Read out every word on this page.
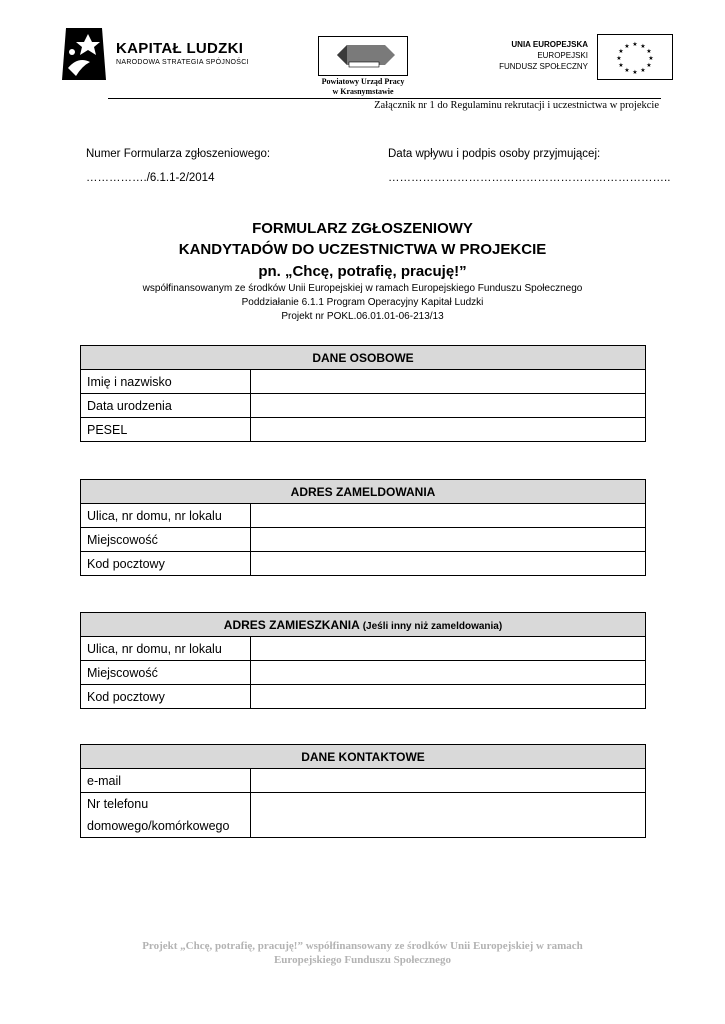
KAPITAŁ LUDZKI
NARODOWA STRATEGIA SPÓJNOŚCI
Powiatowy Urząd Pracy
w Krasnymstawie
UNIA EUROPEJSKA
EUROPEJSKI
FUNDUSZ SPOŁECZNY
★ ★
★
★
★
★
★
★
★
★
★
★
Załącznik nr 1 do Regulaminu rekrutacji i uczestnictwa w projekcie
Numer Formularza zgłoszeniowego:
……………./6.1.1-2/2014
Data wpływu i podpis osoby przyjmującej:
………………………………………………………………..
FORMULARZ ZGŁOSZENIOWY
KANDYTADÓW DO UCZESTNICTWA W PROJEKCIE
pn. „Chcę, potrafię, pracuję!”
współfinansowanym ze środków Unii Europejskiej w ramach Europejskiego Funduszu Społecznego
Poddziałanie 6.1.1 Program Operacyjny Kapitał Ludzki
Projekt nr POKL.06.01.01-06-213/13
DANE OSOBOWE	
Imię i nazwisko	
Data urodzenia	
PESEL	
ADRES ZAMELDOWANIA	
Ulica, nr domu, nr lokalu	
Miejscowość	
Kod pocztowy	
ADRES ZAMIESZKANIA (Jeśli inny niż zameldowania)	
Ulica, nr domu, nr lokalu	
Miejscowość	
Kod pocztowy	
DANE KONTAKTOWE	
e-mail	
Nr telefonu domowego/komórkowego	
Projekt „Chcę, potrafię, pracuję!” współfinansowany ze środków Unii Europejskiej w ramach
Europejskiego Funduszu Społecznego
